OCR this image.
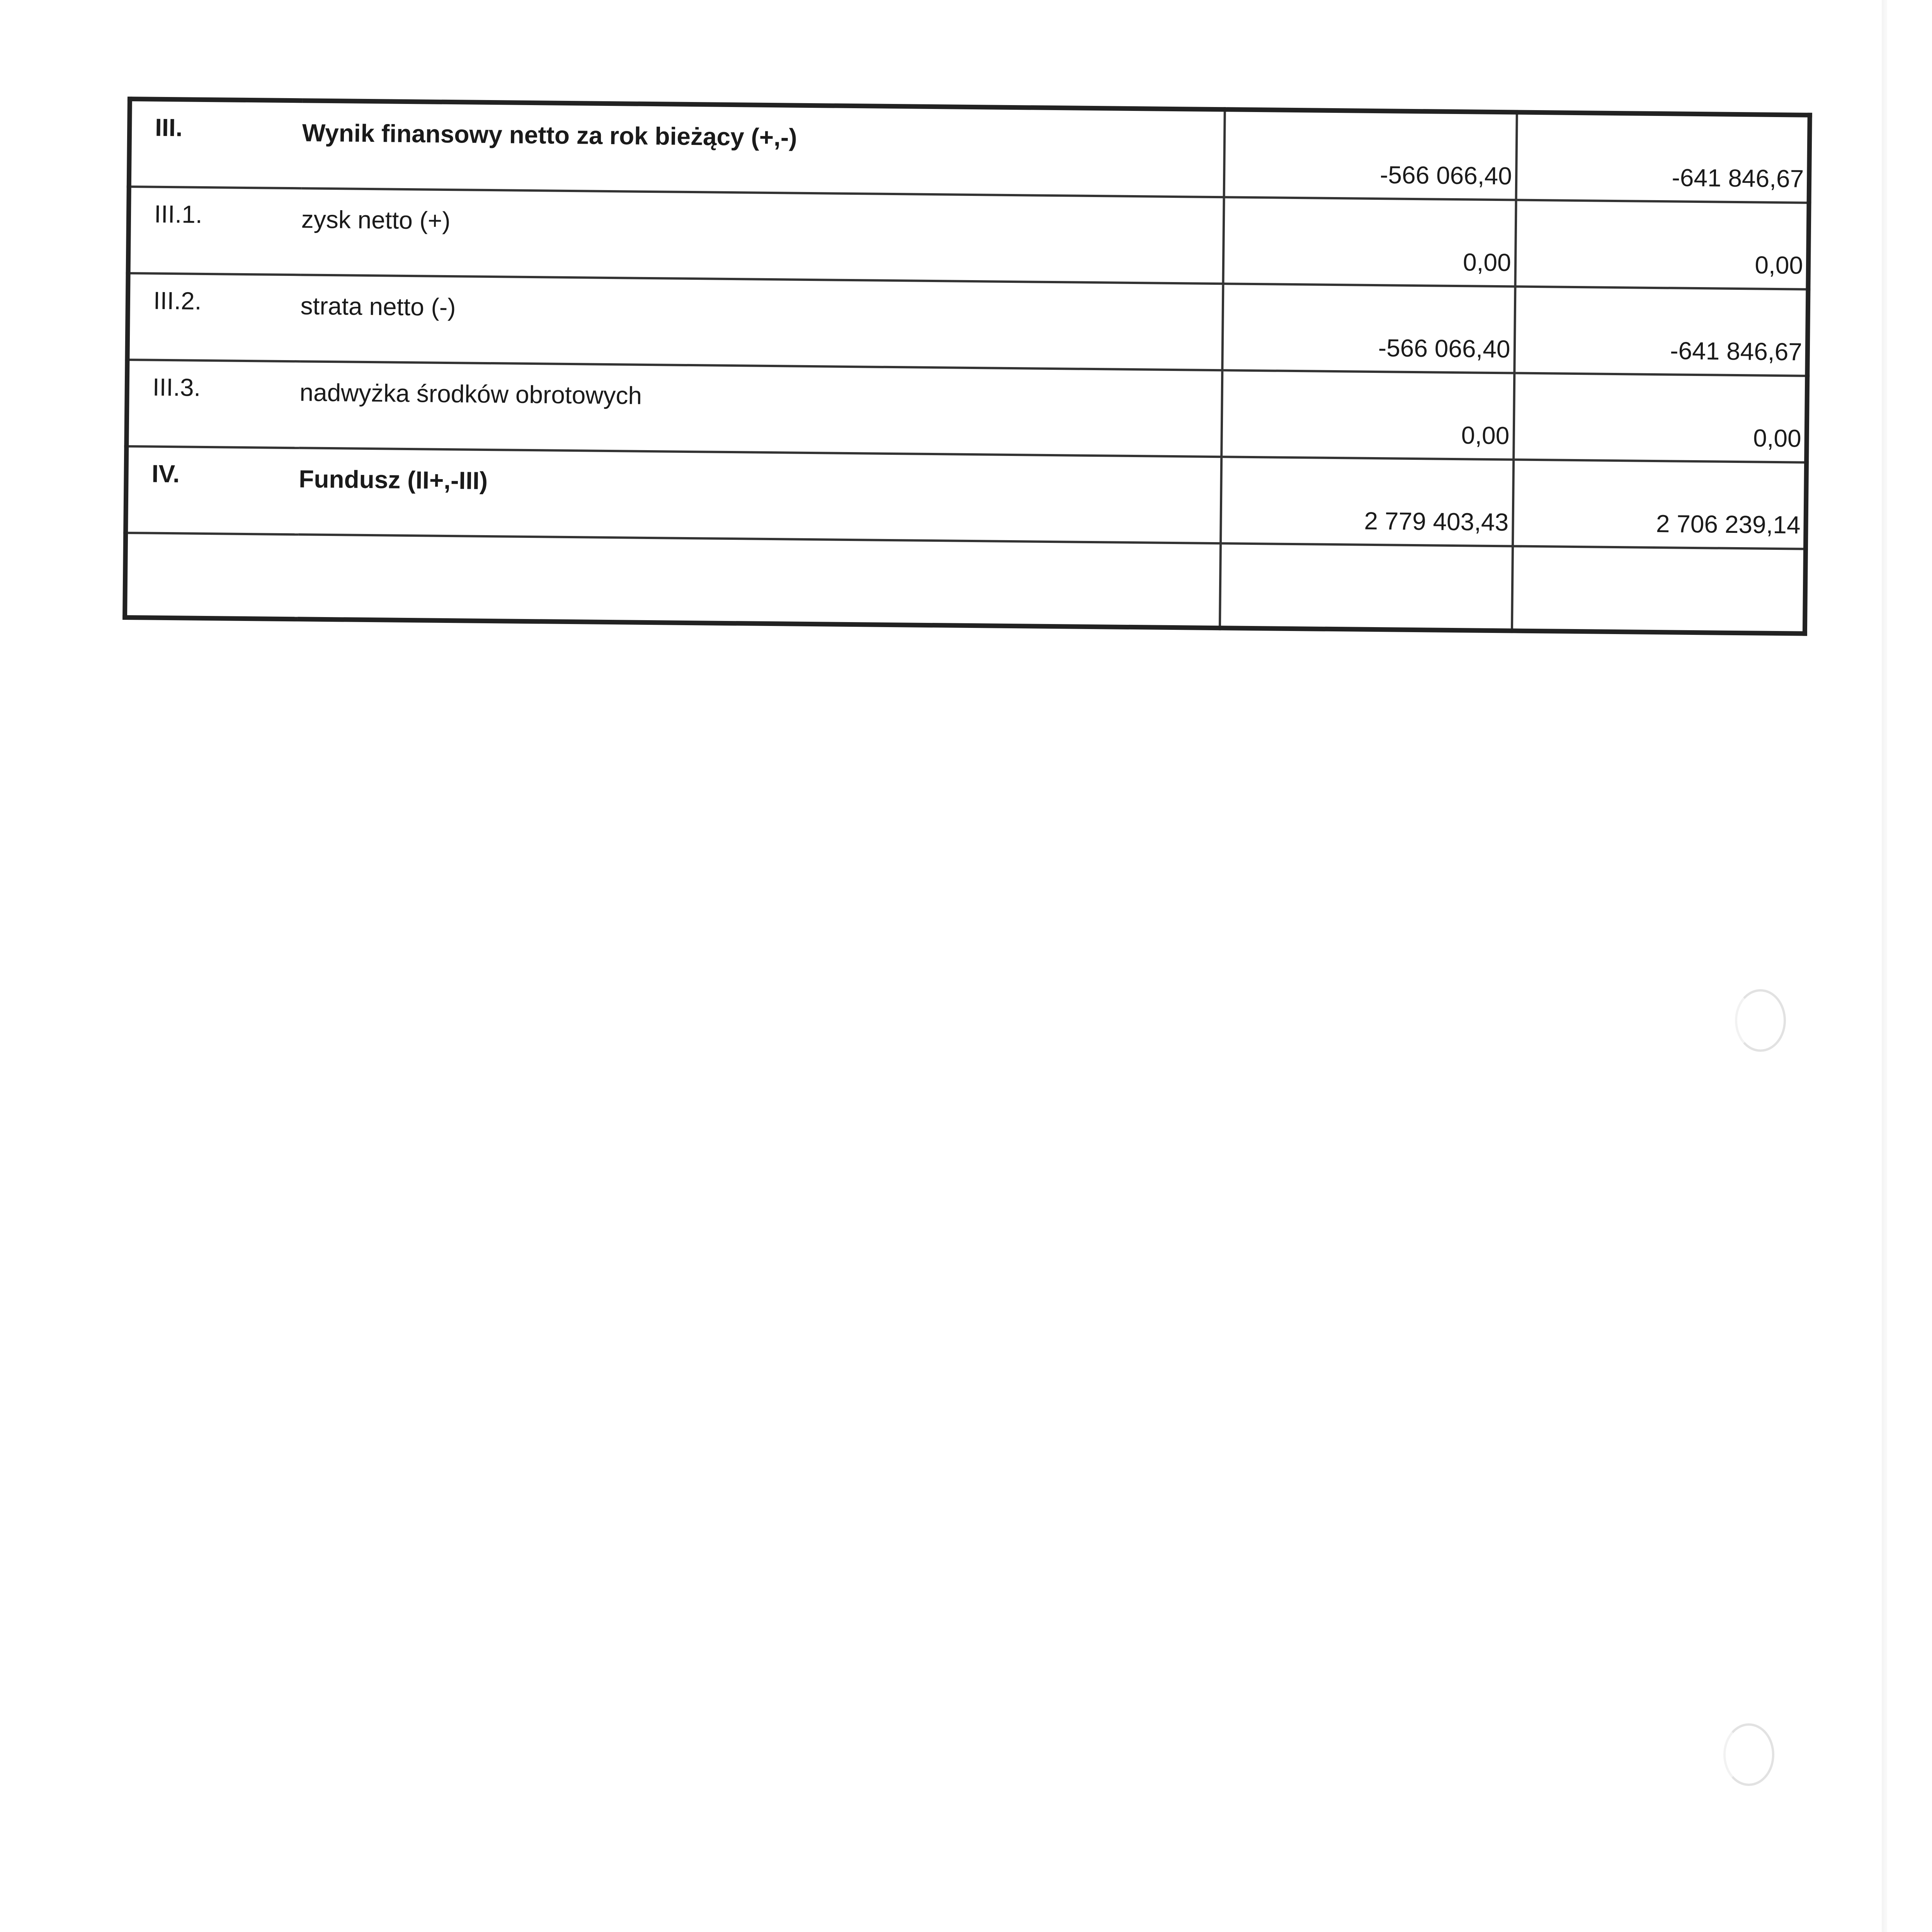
III.	Wynik finansowy netto za rok bieżący (+,-)	-566 066,40	-641 846,67
III.1.	zysk netto (+)	0,00	0,00
III.2.	strata netto (-)	-566 066,40	-641 846,67
III.3.	nadwyżka środków obrotowych	0,00	0,00
IV.	Fundusz (II+,-III)	2 779 403,43	2 706 239,14
